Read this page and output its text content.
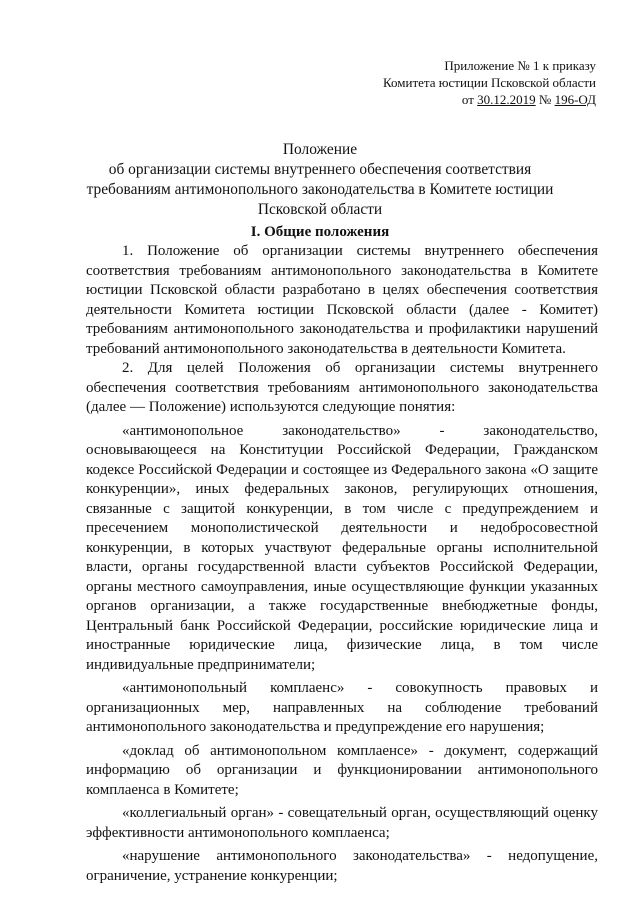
Приложение № 1 к приказу
Комитета юстиции Псковской области
от 30.12.2019 № 196-ОД
Положение
об организации системы внутреннего обеспечения соответствия
требованиям антимонопольного законодательства в Комитете юстиции
Псковской области
I. Общие положения

1. Положение об организации системы внутреннего обеспечения соответствия требованиям антимонопольного законодательства в Комитете юстиции Псковской области разработано в целях обеспечения соответствия деятельности Комитета юстиции Псковской области (далее - Комитет) требованиям антимонопольного законодательства и профилактики нарушений требований антимонопольного законодательства в деятельности Комитета.

2. Для целей Положения об организации системы внутреннего обеспечения соответствия требованиям антимонопольного законодательства (далее — Положение) используются следующие понятия:

«антимонопольное законодательство» - законодательство, основывающееся на Конституции Российской Федерации, Гражданском кодексе Российской Федерации и состоящее из Федерального закона «О защите конкуренции», иных федеральных законов, регулирующих отношения, связанные с защитой конкуренции, в том числе с предупреждением и пресечением монополистической деятельности и недобросовестной конкуренции, в которых участвуют федеральные органы исполнительной власти, органы государственной власти субъектов Российской Федерации, органы местного самоуправления, иные осуществляющие функции указанных органов организации, а также государственные внебюджетные фонды, Центральный банк Российской Федерации, российские юридические лица и иностранные юридические лица, физические лица, в том числе индивидуальные предприниматели;

«антимонопольный комплаенс» - совокупность правовых и организационных мер, направленных на соблюдение требований антимонопольного законодательства и предупреждение его нарушения;

«доклад об антимонопольном комплаенсе» - документ, содержащий информацию об организации и функционировании антимонопольного комплаенса в Комитете;

«коллегиальный орган» - совещательный орган, осуществляющий оценку эффективности антимонопольного комплаенса;

«нарушение антимонопольного законодательства» - недопущение, ограничение, устранение конкуренции;
